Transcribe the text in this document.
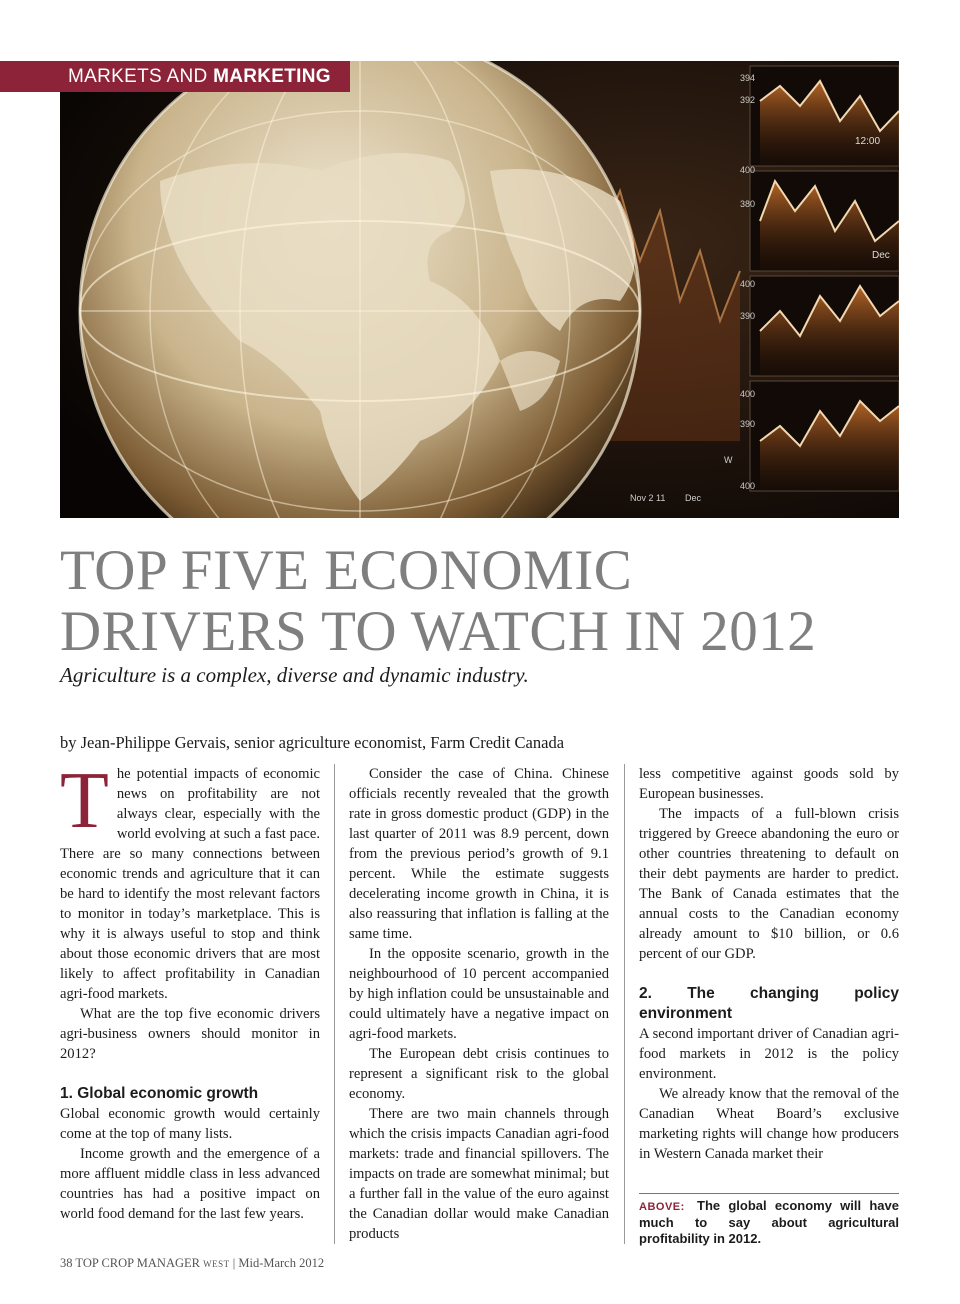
12:00
Dec
394
392
400
380
400
390
400
390
W
400
Nov 2 11 Dec
MARKETS AND MARKETING
TOP FIVE ECONOMIC
DRIVERS TO WATCH IN 2012
Agriculture is a complex, diverse and dynamic industry.
by Jean-Philippe Gervais, senior agriculture economist, Farm Credit Canada
T he potential impacts of economic news on profitability are not always clear, especially with the world evolving at such a fast pace. There are so many connections between economic trends and agriculture that it can be hard to identify the most relevant factors to monitor in today’s marketplace. This is why it is always useful to stop and think about those economic drivers that are most likely to affect profitability in Canadian agri-food markets.

What are the top five economic drivers agri-business owners should monitor in 2012?

1. Global economic growth

Global economic growth would certainly come at the top of many lists.

Income growth and the emergence of a more affluent middle class in less advanced countries has had a positive impact on world food demand for the last few years.

Consider the case of China. Chinese officials recently revealed that the growth rate in gross domestic product (GDP) in the last quarter of 2011 was 8.9 percent, down from the previous period’s growth of 9.1 percent. While the estimate suggests decelerating income growth in China, it is also reassuring that inflation is falling at the same time.

In the opposite scenario, growth in the neighbourhood of 10 percent accompanied by high inflation could be unsustainable and could ultimately have a negative impact on agri-food markets.

The European debt crisis continues to represent a significant risk to the global economy.

There are two main channels through which the crisis impacts Canadian agri-food markets: trade and financial spillovers. The impacts on trade are somewhat minimal; but a further fall in the value of the euro against the Canadian dollar would make Canadian products

less competitive against goods sold by European businesses.

The impacts of a full-blown crisis triggered by Greece abandoning the euro or other countries threatening to default on their debt payments are harder to predict. The Bank of Canada estimates that the annual costs to the Canadian economy already amount to $10 billion, or 0.6 percent of our GDP.

2. The changing policy environment

A second important driver of Canadian agri-food markets in 2012 is the policy environment.

We already know that the removal of the Canadian Wheat Board’s exclusive marketing rights will change how producers in Western Canada market their

ABOVE: The global economy will have much to say about agricultural profitability in 2012.
38 TOP CROP MANAGER WEST | Mid-March 2012
